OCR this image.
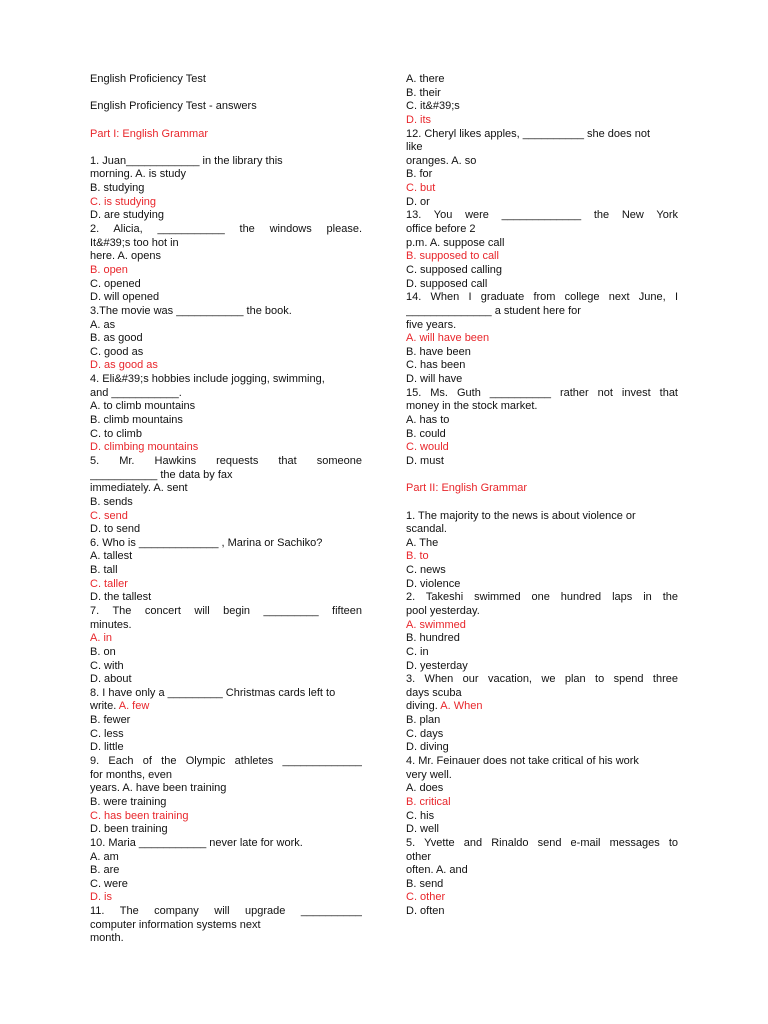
English Proficiency Test
English Proficiency Test - answers
Part I: English Grammar
1. Juan____________ in the library this
morning. A. is study
B. studying
C. is studying
D. are studying
2. Alicia, ___________ the windows please.
It&#39;s too hot in
here. A. opens
B. open
C. opened
D. will opened
3.The movie was ___________ the book.
A. as
B. as good
C. good as
D. as good as
4. Eli&#39;s hobbies include jogging, swimming,
and ___________.
A. to climb mountains
B. climb mountains
C. to climb
D. climbing mountains
5. Mr. Hawkins requests that someone
___________ the data by fax
immediately. A. sent
B. sends
C. send
D. to send
6. Who is _____________ , Marina or Sachiko?
A. tallest
B. tall
C. taller
D. the tallest
7. The concert will begin _________ fifteen
minutes.
A. in
B. on
C. with
D. about
8. I have only a _________ Christmas cards left to
write. A. few
B. fewer
C. less
D. little
9. Each of the Olympic athletes _____________
for months, even
years. A. have been training
B. were training
C. has been training
D. been training
10. Maria ___________ never late for work.
A. am
B. are
C. were
D. is
11. The company will upgrade __________
computer information systems next
month.
A. there
B. their
C. it&#39;s
D. its
12. Cheryl likes apples, __________ she does not
like
oranges. A. so
B. for
C. but
D. or
13. You were _____________ the New York
office before 2
p.m. A. suppose call
B. supposed to call
C. supposed calling
D. supposed call
14. When I graduate from college next June, I
______________ a student here for
five years.
A. will have been
B. have been
C. has been
D. will have
15. Ms. Guth __________ rather not invest that
money in the stock market.
A. has to
B. could
C. would
D. must
Part II: English Grammar
1. The majority to the news is about violence or
scandal.
A. The
B. to
C. news
D. violence
2. Takeshi swimmed one hundred laps in the
pool yesterday.
A. swimmed
B. hundred
C. in
D. yesterday
3. When our vacation, we plan to spend three
days scuba
diving. A. When
B. plan
C. days
D. diving
4. Mr. Feinauer does not take critical of his work
very well.
A. does
B. critical
C. his
D. well
5. Yvette and Rinaldo send e-mail messages to
other
often. A. and
B. send
C. other
D. often
